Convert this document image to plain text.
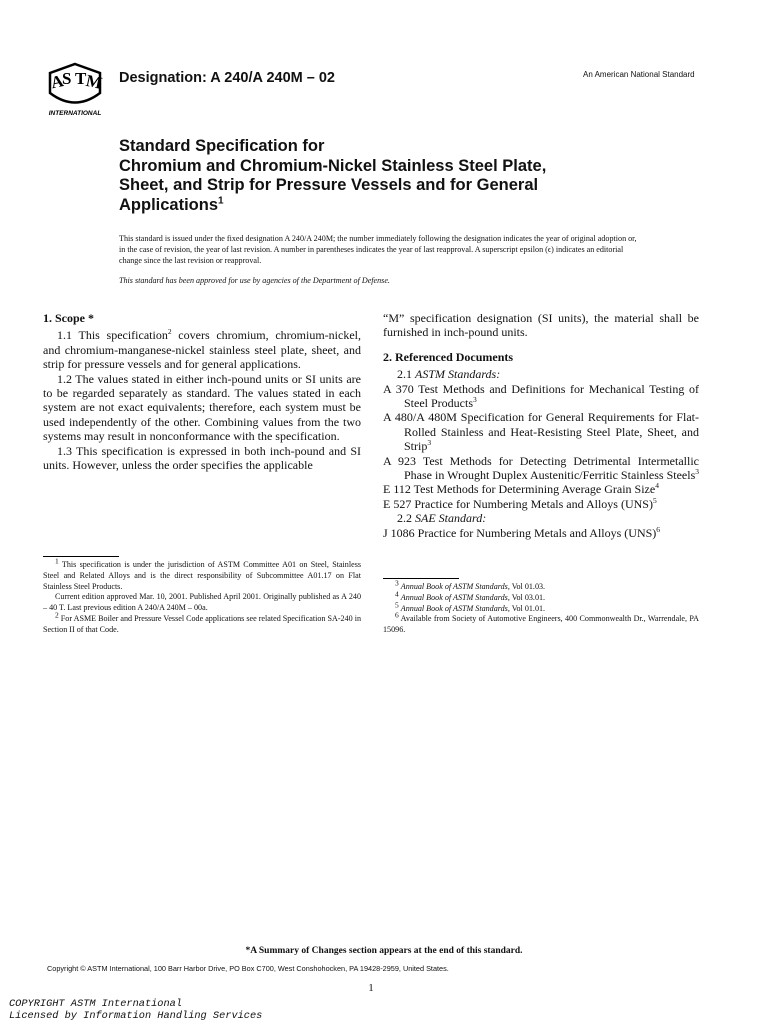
A
S T
M
INTERNATIONAL
Designation: A 240/A 240M – 02	An American National Standard
Standard Specification for
Chromium and Chromium-Nickel Stainless Steel Plate,
Sheet, and Strip for Pressure Vessels and for General
Applications$^1$
This standard is issued under the fixed designation A 240/A 240M; the number immediately following the designation indicates the year of original adoption or, in the case of revision, the year of last revision. A number in parentheses indicates the year of last reapproval. A superscript epsilon (ϵ) indicates an editorial change since the last revision or reapproval.
This standard has been approved for use by agencies of the Department of Defense.
1. Scope *

1.1 This specification$^2$ covers chromium, chromium-nickel, and chromium-manganese-nickel stainless steel plate, sheet, and strip for pressure vessels and for general applications.

1.2 The values stated in either inch-pound units or SI units are to be regarded separately as standard. The values stated in each system are not exact equivalents; therefore, each system must be used independently of the other. Combining values from the two systems may result in nonconformance with the specification.

1.3 This specification is expressed in both inch-pound and SI units. However, unless the order specifies the applicable

$^1$ This specification is under the jurisdiction of ASTM Committee A01 on Steel, Stainless Steel and Related Alloys and is the direct responsibility of Subcommittee A01.17 on Flat Stainless Steel Products.

Current edition approved Mar. 10, 2001. Published April 2001. Originally published as A 240 – 40 T. Last previous edition A 240/A 240M – 00a.

$^2$ For ASME Boiler and Pressure Vessel Code applications see related Specification SA-240 in Section II of that Code.

“M” specification designation (SI units), the material shall be furnished in inch-pound units.

2. Referenced Documents
2.1 ASTM Standards:
A 370 Test Methods and Definitions for Mechanical Testing of Steel Products$^3$
A 480/A 480M Specification for General Requirements for Flat-Rolled Stainless and Heat-Resisting Steel Plate, Sheet, and Strip$^3$
A 923 Test Methods for Detecting Detrimental Intermetallic Phase in Wrought Duplex Austenitic/Ferritic Stainless Steels$^3$
E 112 Test Methods for Determining Average Grain Size$^4$
E 527 Practice for Numbering Metals and Alloys (UNS)$^5$
2.2 SAE Standard:
J 1086 Practice for Numbering Metals and Alloys (UNS)$^6$

$^3$ Annual Book of ASTM Standards, Vol 01.03.

$^4$ Annual Book of ASTM Standards, Vol 03.01.

$^5$ Annual Book of ASTM Standards, Vol 01.01.

$^6$ Available from Society of Automotive Engineers, 400 Commonwealth Dr., Warrendale, PA 15096.

*A Summary of Changes section appears at the end of this standard.
Copyright © ASTM International, 100 Barr Harbor Drive, PO Box C700, West Conshohocken, PA 19428-2959, United States.
1
COPYRIGHT ASTM International
Licensed by Information Handling Services
